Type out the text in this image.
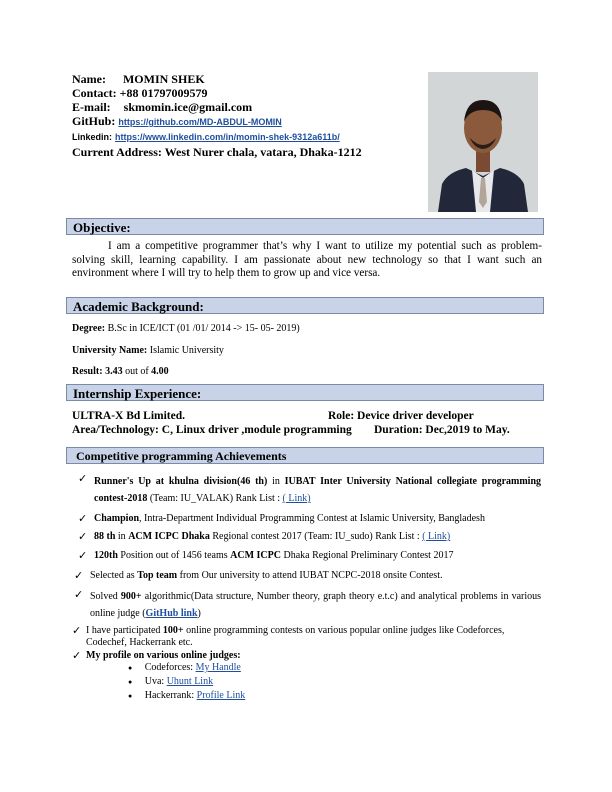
Name: MOMIN SHEK
Contact: +88 01797009579
E-mail: skmomin.ice@gmail.com
GitHub: https://github.com/MD-ABDUL-MOMIN
Linkedin: https://www.linkedin.com/in/momin-shek-9312a611b/
Current Address: West Nurer chala, vatara, Dhaka-1212
Objective:
I am a competitive programmer that’s why I want to utilize my potential such as problem-solving skill, learning capability. I am passionate about new technology so that I want such an environment where I will try to help them to grow up and vice versa.
Academic Background:
Degree: B.Sc in ICE/ICT (01 /01/ 2014 -> 15- 05- 2019)
University Name: Islamic University
Result: 3.43 out of 4.00
Internship Experience:
ULTRA-X Bd Limited.	Role: Device driver developer
Area/Technology: C, Linux driver ,module programming Duration: Dec,2019 to May.
Competitive programming Achievements
✓ Runner's Up at khulna division(46 th) in IUBAT Inter University National collegiate programming contest-2018 (Team: IU_VALAK) Rank List : ( Link)
✓ Champion, Intra-Department Individual Programming Contest at Islamic University, Bangladesh
✓ 88 th in ACM ICPC Dhaka Regional contest 2017 (Team: IU_sudo) Rank List : ( Link)
✓ 120th Position out of 1456 teams ACM ICPC Dhaka Regional Preliminary Contest 2017
✓ Selected as Top team from Our university to attend IUBAT NCPC-2018 onsite Contest.
✓ Solved 900+ algorithmic(Data structure, Number theory, graph theory e.t.c) and analytical problems in various online judge (GitHub link)
✓ I have participated 100+ online programming contests on various popular online judges like Codeforces, Codechef, Hackerrank etc.
✓ My profile on various online judges:
● Codeforces: My Handle
● Uva: Uhunt Link
● Hackerrank: Profile Link
